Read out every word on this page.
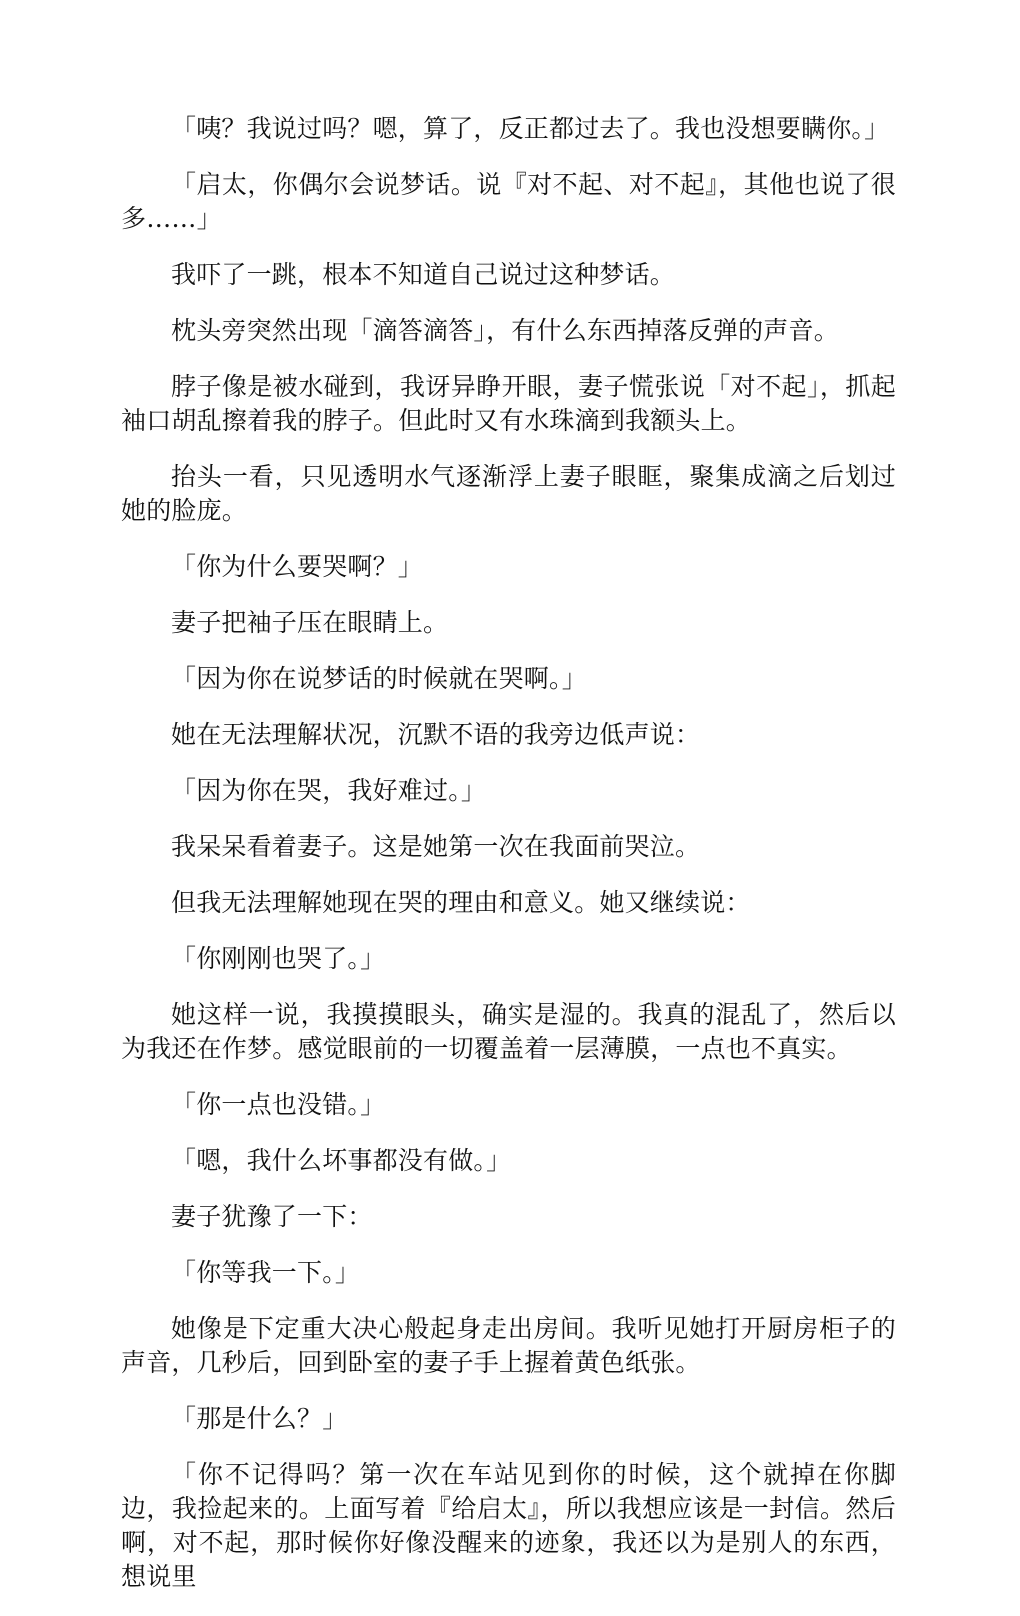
「咦？我说过吗？嗯，算了，反正都过去了。我也没想要瞒你。」

「启太，你偶尔会说梦话。说『对不起、对不起』，其他也说了很多……」

我吓了一跳，根本不知道自己说过这种梦话。

枕头旁突然出现「滴答滴答」，有什么东西掉落反弹的声音。

脖子像是被水碰到，我讶异睁开眼，妻子慌张说「对不起」，抓起袖口胡乱擦着我的脖子。但此时又有水珠滴到我额头上。

抬头一看，只见透明水气逐渐浮上妻子眼眶，聚集成滴之后划过她的脸庞。

「你为什么要哭啊？」

妻子把袖子压在眼睛上。

「因为你在说梦话的时候就在哭啊。」

她在无法理解状况，沉默不语的我旁边低声说：

「因为你在哭，我好难过。」

我呆呆看着妻子。这是她第一次在我面前哭泣。

但我无法理解她现在哭的理由和意义。她又继续说：

「你刚刚也哭了。」

她这样一说，我摸摸眼头，确实是湿的。我真的混乱了，然后以为我还在作梦。感觉眼前的一切覆盖着一层薄膜，一点也不真实。

「你一点也没错。」

「嗯，我什么坏事都没有做。」

妻子犹豫了一下：

「你等我一下。」

她像是下定重大决心般起身走出房间。我听见她打开厨房柜子的声音，几秒后，回到卧室的妻子手上握着黄色纸张。

「那是什么？」

「你不记得吗？第一次在车站见到你的时候，这个就掉在你脚边，我捡起来的。上面写着『给启太』，所以我想应该是一封信。然后啊，对不起，那时候你好像没醒来的迹象，我还以为是别人的东西，想说里
